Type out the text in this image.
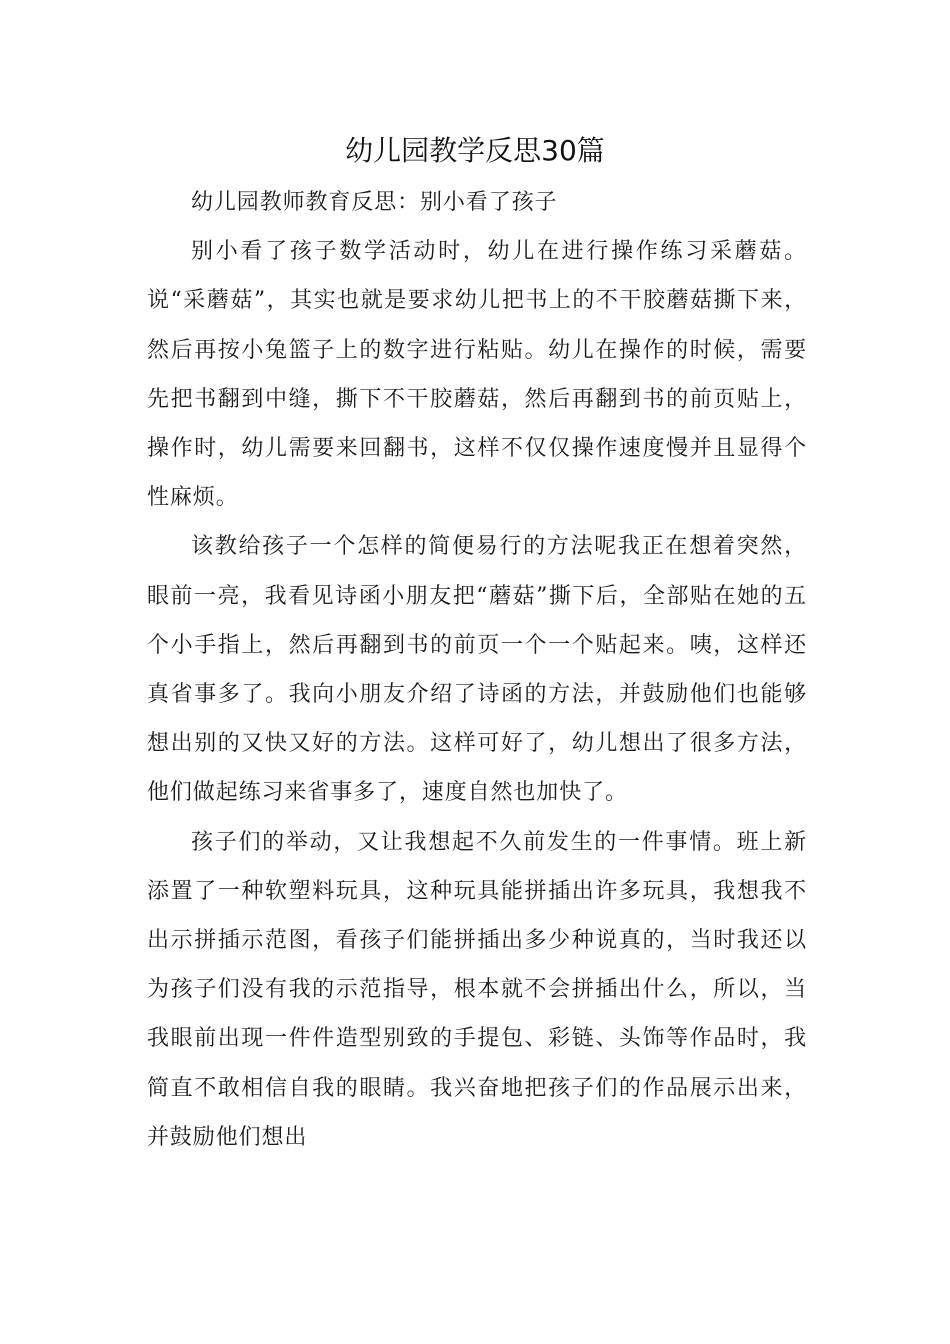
幼儿园教学反思30篇

幼儿园教师教育反思：别小看了孩子

别小看了孩子数学活动时，幼儿在进行操作练习采蘑菇。说“采蘑菇”，其实也就是要求幼儿把书上的不干胶蘑菇撕下来，然后再按小兔篮子上的数字进行粘贴。幼儿在操作的时候，需要先把书翻到中缝，撕下不干胶蘑菇，然后再翻到书的前页贴上，操作时，幼儿需要来回翻书，这样不仅仅操作速度慢并且显得个性麻烦。

该教给孩子一个怎样的简便易行的方法呢我正在想着突然，眼前一亮，我看见诗函小朋友把“蘑菇”撕下后，全部贴在她的五个小手指上，然后再翻到书的前页一个一个贴起来。咦，这样还真省事多了。我向小朋友介绍了诗函的方法，并鼓励他们也能够想出别的又快又好的方法。这样可好了，幼儿想出了很多方法，他们做起练习来省事多了，速度自然也加快了。

孩子们的举动，又让我想起不久前发生的一件事情。班上新添置了一种软塑料玩具，这种玩具能拼插出许多玩具，我想我不出示拼插示范图，看孩子们能拼插出多少种说真的，当时我还以为孩子们没有我的示范指导，根本就不会拼插出什么，所以，当我眼前出现一件件造型别致的手提包、彩链、头饰等作品时，我简直不敢相信自我的眼睛。我兴奋地把孩子们的作品展示出来，并鼓励他们想出
